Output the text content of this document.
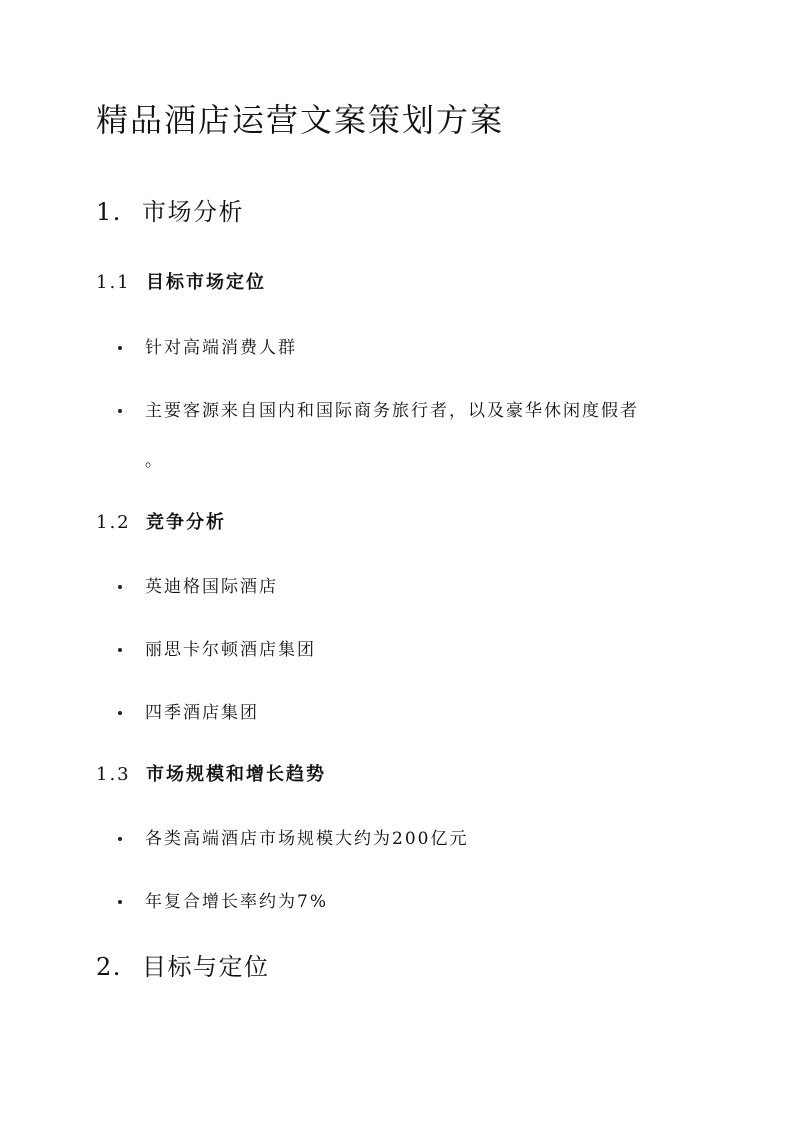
精品酒店运营文案策划方案
1. 市场分析
1.1 目标市场定位
针对高端消费人群
主要客源来自国内和国际商务旅行者，以及豪华休闲度假者
。
1.2 竞争分析
英迪格国际酒店
丽思卡尔顿酒店集团
四季酒店集团
1.3 市场规模和增长趋势
各类高端酒店市场规模大约为200亿元
年复合增长率约为7%
2. 目标与定位
